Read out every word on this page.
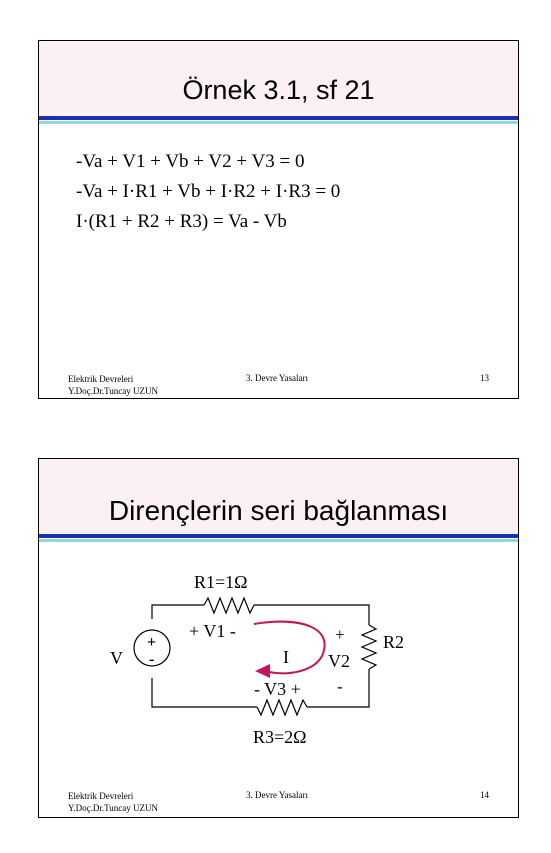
Örnek 3.1, sf 21
-Va + V1 + Vb + V2 + V3 = 0
-Va + I·R1 + Vb + I·R2 + I·R3 = 0
I·(R1 + R2 + R3) = Va - Vb
Elektrik Devreleri
Y.Doç.Dr.Tuncay UZUN
3. Devre Yasaları	13
Dirençlerin seri bağlanması
R1=1Ω
+ V1 -
V
+
-	I
R2
+
V2
-
- V3 +
R3=2Ω
Elektrik Devreleri
Y.Doç.Dr.Tuncay UZUN
3. Devre Yasaları	14
